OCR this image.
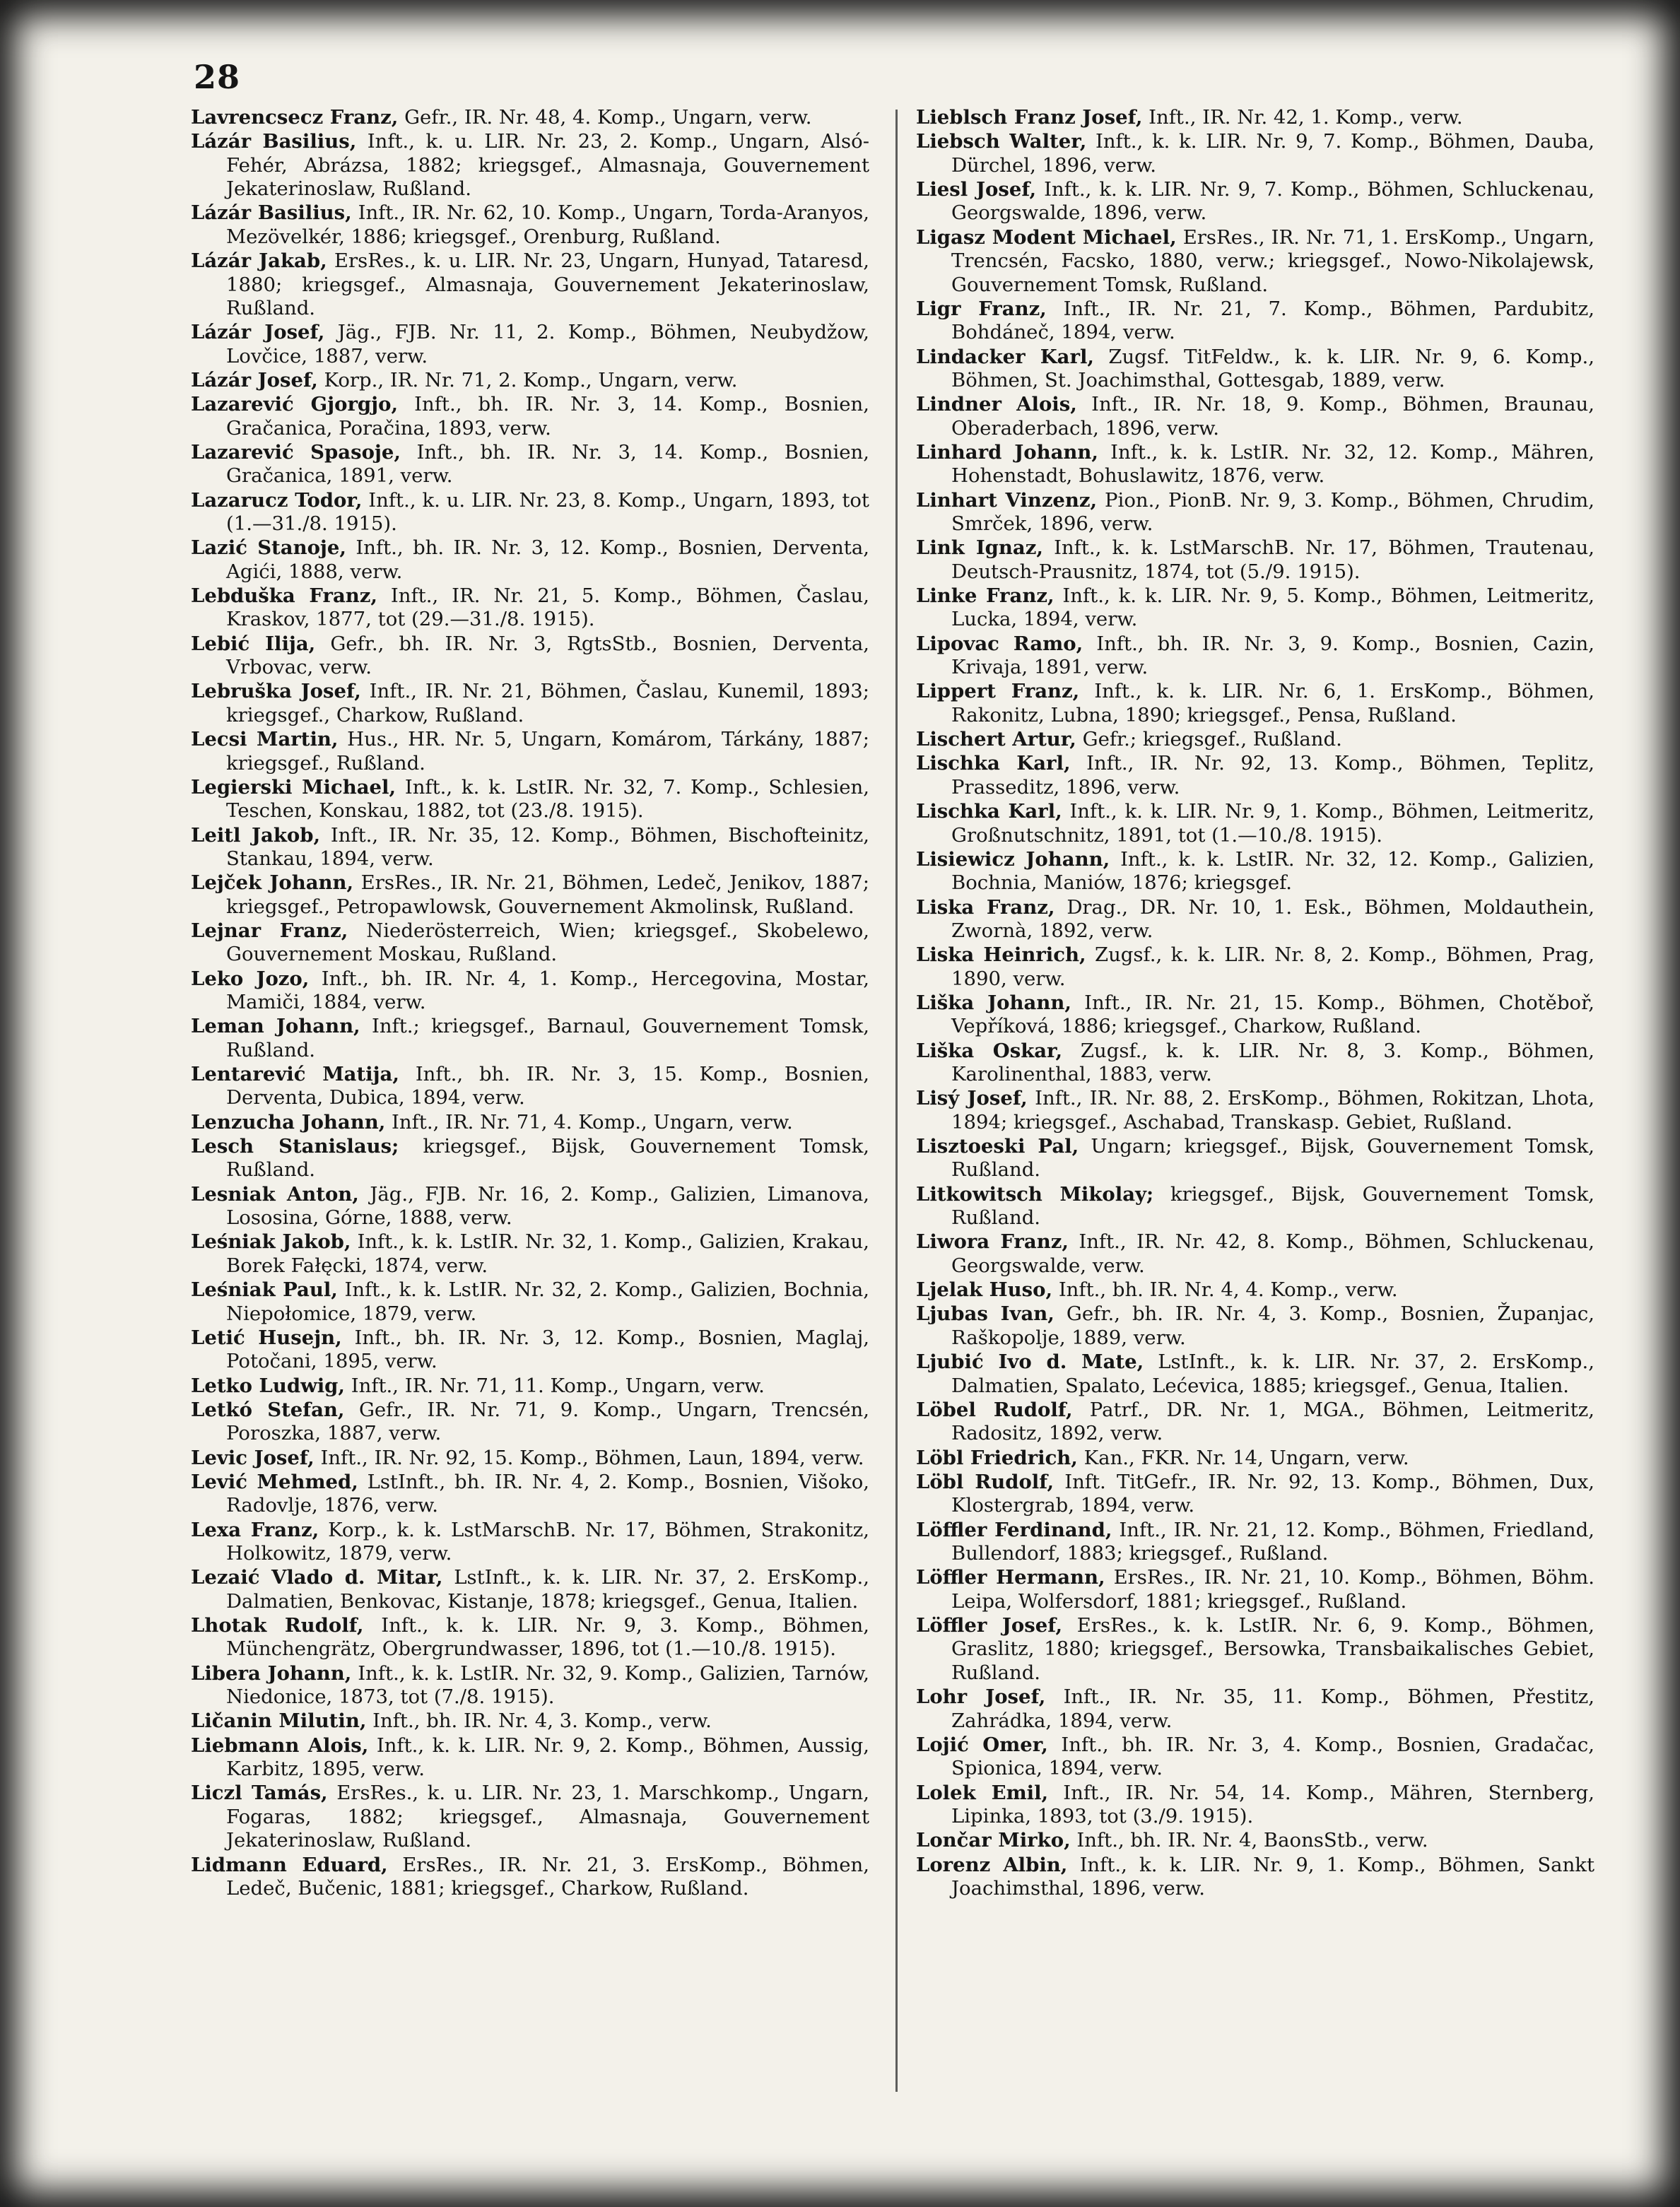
28

Lavrencsecz Franz, Gefr., IR. Nr. 48, 4. Komp., Ungarn, verw.

Lázár Basilius, Inft., k. u. LIR. Nr. 23, 2. Komp., Ungarn, Alsó-Fehér, Abrázsa, 1882; kriegsgef., Almasnaja, Gouvernement Jekaterinoslaw, Rußland.

Lázár Basilius, Inft., IR. Nr. 62, 10. Komp., Ungarn, Torda-Aranyos, Mezövelkér, 1886; kriegsgef., Orenburg, Rußland.

Lázár Jakab, ErsRes., k. u. LIR. Nr. 23, Ungarn, Hunyad, Tataresd, 1880; kriegsgef., Almasnaja, Gouvernement Jekaterinoslaw, Rußland.

Lázár Josef, Jäg., FJB. Nr. 11, 2. Komp., Böhmen, Neubydžow, Lovčice, 1887, verw.

Lázár Josef, Korp., IR. Nr. 71, 2. Komp., Ungarn, verw.

Lazarević Gjorgjo, Inft., bh. IR. Nr. 3, 14. Komp., Bosnien, Gračanica, Poračina, 1893, verw.

Lazarević Spasoje, Inft., bh. IR. Nr. 3, 14. Komp., Bosnien, Gračanica, 1891, verw.

Lazarucz Todor, Inft., k. u. LIR. Nr. 23, 8. Komp., Ungarn, 1893, tot (1.—31./8. 1915).

Lazić Stanoje, Inft., bh. IR. Nr. 3, 12. Komp., Bosnien, Derventa, Agići, 1888, verw.

Lebduška Franz, Inft., IR. Nr. 21, 5. Komp., Böhmen, Časlau, Kraskov, 1877, tot (29.—31./8. 1915).

Lebić Ilija, Gefr., bh. IR. Nr. 3, RgtsStb., Bosnien, Derventa, Vrbovac, verw.

Lebruška Josef, Inft., IR. Nr. 21, Böhmen, Časlau, Kunemil, 1893; kriegsgef., Charkow, Rußland.

Lecsi Martin, Hus., HR. Nr. 5, Ungarn, Komárom, Tárkány, 1887; kriegsgef., Rußland.

Legierski Michael, Inft., k. k. LstIR. Nr. 32, 7. Komp., Schlesien, Teschen, Konskau, 1882, tot (23./8. 1915).

Leitl Jakob, Inft., IR. Nr. 35, 12. Komp., Böhmen, Bischofteinitz, Stankau, 1894, verw.

Lejček Johann, ErsRes., IR. Nr. 21, Böhmen, Ledeč, Jenikov, 1887; kriegsgef., Petropawlowsk, Gouvernement Akmolinsk, Rußland.

Lejnar Franz, Niederösterreich, Wien; kriegsgef., Skobelewo, Gouvernement Moskau, Rußland.

Leko Jozo, Inft., bh. IR. Nr. 4, 1. Komp., Hercegovina, Mostar, Mamiči, 1884, verw.

Leman Johann, Inft.; kriegsgef., Barnaul, Gouvernement Tomsk, Rußland.

Lentarević Matija, Inft., bh. IR. Nr. 3, 15. Komp., Bosnien, Derventa, Dubica, 1894, verw.

Lenzucha Johann, Inft., IR. Nr. 71, 4. Komp., Ungarn, verw.

Lesch Stanislaus; kriegsgef., Bijsk, Gouvernement Tomsk, Rußland.

Lesniak Anton, Jäg., FJB. Nr. 16, 2. Komp., Galizien, Limanova, Lososina, Górne, 1888, verw.

Leśniak Jakob, Inft., k. k. LstIR. Nr. 32, 1. Komp., Galizien, Krakau, Borek Fałęcki, 1874, verw.

Leśniak Paul, Inft., k. k. LstIR. Nr. 32, 2. Komp., Galizien, Bochnia, Niepołomice, 1879, verw.

Letić Husejn, Inft., bh. IR. Nr. 3, 12. Komp., Bosnien, Maglaj, Potočani, 1895, verw.

Letko Ludwig, Inft., IR. Nr. 71, 11. Komp., Ungarn, verw.

Letkó Stefan, Gefr., IR. Nr. 71, 9. Komp., Ungarn, Trencsén, Poroszka, 1887, verw.

Levic Josef, Inft., IR. Nr. 92, 15. Komp., Böhmen, Laun, 1894, verw.

Lević Mehmed, LstInft., bh. IR. Nr. 4, 2. Komp., Bosnien, Višoko, Radovlje, 1876, verw.

Lexa Franz, Korp., k. k. LstMarschB. Nr. 17, Böhmen, Strakonitz, Holkowitz, 1879, verw.

Lezaić Vlado d. Mitar, LstInft., k. k. LIR. Nr. 37, 2. ErsKomp., Dalmatien, Benkovac, Kistanje, 1878; kriegsgef., Genua, Italien.

Lhotak Rudolf, Inft., k. k. LIR. Nr. 9, 3. Komp., Böhmen, Münchengrätz, Obergrundwasser, 1896, tot (1.—10./8. 1915).

Libera Johann, Inft., k. k. LstIR. Nr. 32, 9. Komp., Galizien, Tarnów, Niedonice, 1873, tot (7./8. 1915).

Ličanin Milutin, Inft., bh. IR. Nr. 4, 3. Komp., verw.

Liebmann Alois, Inft., k. k. LIR. Nr. 9, 2. Komp., Böhmen, Aussig, Karbitz, 1895, verw.

Liczl Tamás, ErsRes., k. u. LIR. Nr. 23, 1. Marschkomp., Ungarn, Fogaras, 1882; kriegsgef., Almasnaja, Gouvernement Jekaterinoslaw, Rußland.

Lidmann Eduard, ErsRes., IR. Nr. 21, 3. ErsKomp., Böhmen, Ledeč, Bučenic, 1881; kriegsgef., Charkow, Rußland.

Lieblsch Franz Josef, Inft., IR. Nr. 42, 1. Komp., verw.

Liebsch Walter, Inft., k. k. LIR. Nr. 9, 7. Komp., Böhmen, Dauba, Dürchel, 1896, verw.

Liesl Josef, Inft., k. k. LIR. Nr. 9, 7. Komp., Böhmen, Schluckenau, Georgswalde, 1896, verw.

Ligasz Modent Michael, ErsRes., IR. Nr. 71, 1. ErsKomp., Ungarn, Trencsén, Facsko, 1880, verw.; kriegsgef., Nowo-Nikolajewsk, Gouvernement Tomsk, Rußland.

Ligr Franz, Inft., IR. Nr. 21, 7. Komp., Böhmen, Pardubitz, Bohdáneč, 1894, verw.

Lindacker Karl, Zugsf. TitFeldw., k. k. LIR. Nr. 9, 6. Komp., Böhmen, St. Joachimsthal, Gottesgab, 1889, verw.

Lindner Alois, Inft., IR. Nr. 18, 9. Komp., Böhmen, Braunau, Oberaderbach, 1896, verw.

Linhard Johann, Inft., k. k. LstIR. Nr. 32, 12. Komp., Mähren, Hohenstadt, Bohuslawitz, 1876, verw.

Linhart Vinzenz, Pion., PionB. Nr. 9, 3. Komp., Böhmen, Chrudim, Smrček, 1896, verw.

Link Ignaz, Inft., k. k. LstMarschB. Nr. 17, Böhmen, Trautenau, Deutsch-Prausnitz, 1874, tot (5./9. 1915).

Linke Franz, Inft., k. k. LIR. Nr. 9, 5. Komp., Böhmen, Leitmeritz, Lucka, 1894, verw.

Lipovac Ramo, Inft., bh. IR. Nr. 3, 9. Komp., Bosnien, Cazin, Krivaja, 1891, verw.

Lippert Franz, Inft., k. k. LIR. Nr. 6, 1. ErsKomp., Böhmen, Rakonitz, Lubna, 1890; kriegsgef., Pensa, Rußland.

Lischert Artur, Gefr.; kriegsgef., Rußland.

Lischka Karl, Inft., IR. Nr. 92, 13. Komp., Böhmen, Teplitz, Prasseditz, 1896, verw.

Lischka Karl, Inft., k. k. LIR. Nr. 9, 1. Komp., Böhmen, Leitmeritz, Großnutschnitz, 1891, tot (1.—10./8. 1915).

Lisiewicz Johann, Inft., k. k. LstIR. Nr. 32, 12. Komp., Galizien, Bochnia, Maniów, 1876; kriegsgef.

Liska Franz, Drag., DR. Nr. 10, 1. Esk., Böhmen, Moldauthein, Zwornà, 1892, verw.

Liska Heinrich, Zugsf., k. k. LIR. Nr. 8, 2. Komp., Böhmen, Prag, 1890, verw.

Liška Johann, Inft., IR. Nr. 21, 15. Komp., Böhmen, Chotěboř, Vepříková, 1886; kriegsgef., Charkow, Rußland.

Liška Oskar, Zugsf., k. k. LIR. Nr. 8, 3. Komp., Böhmen, Karolinenthal, 1883, verw.

Lisý Josef, Inft., IR. Nr. 88, 2. ErsKomp., Böhmen, Rokitzan, Lhota, 1894; kriegsgef., Aschabad, Transkasp. Gebiet, Rußland.

Lisztoeski Pal, Ungarn; kriegsgef., Bijsk, Gouvernement Tomsk, Rußland.

Litkowitsch Mikolay; kriegsgef., Bijsk, Gouvernement Tomsk, Rußland.

Liwora Franz, Inft., IR. Nr. 42, 8. Komp., Böhmen, Schluckenau, Georgswalde, verw.

Ljelak Huso, Inft., bh. IR. Nr. 4, 4. Komp., verw.

Ljubas Ivan, Gefr., bh. IR. Nr. 4, 3. Komp., Bosnien, Županjac, Raškopolje, 1889, verw.

Ljubić Ivo d. Mate, LstInft., k. k. LIR. Nr. 37, 2. ErsKomp., Dalmatien, Spalato, Lećevica, 1885; kriegsgef., Genua, Italien.

Löbel Rudolf, Patrf., DR. Nr. 1, MGA., Böhmen, Leitmeritz, Radositz, 1892, verw.

Löbl Friedrich, Kan., FKR. Nr. 14, Ungarn, verw.

Löbl Rudolf, Inft. TitGefr., IR. Nr. 92, 13. Komp., Böhmen, Dux, Klostergrab, 1894, verw.

Löffler Ferdinand, Inft., IR. Nr. 21, 12. Komp., Böhmen, Friedland, Bullendorf, 1883; kriegsgef., Rußland.

Löffler Hermann, ErsRes., IR. Nr. 21, 10. Komp., Böhmen, Böhm. Leipa, Wolfersdorf, 1881; kriegsgef., Rußland.

Löffler Josef, ErsRes., k. k. LstIR. Nr. 6, 9. Komp., Böhmen, Graslitz, 1880; kriegsgef., Bersowka, Transbaikalisches Gebiet, Rußland.

Lohr Josef, Inft., IR. Nr. 35, 11. Komp., Böhmen, Přestitz, Zahrádka, 1894, verw.

Lojić Omer, Inft., bh. IR. Nr. 3, 4. Komp., Bosnien, Gradačac, Spionica, 1894, verw.

Lolek Emil, Inft., IR. Nr. 54, 14. Komp., Mähren, Sternberg, Lipinka, 1893, tot (3./9. 1915).

Lončar Mirko, Inft., bh. IR. Nr. 4, BaonsStb., verw.

Lorenz Albin, Inft., k. k. LIR. Nr. 9, 1. Komp., Böhmen, Sankt Joachimsthal, 1896, verw.
